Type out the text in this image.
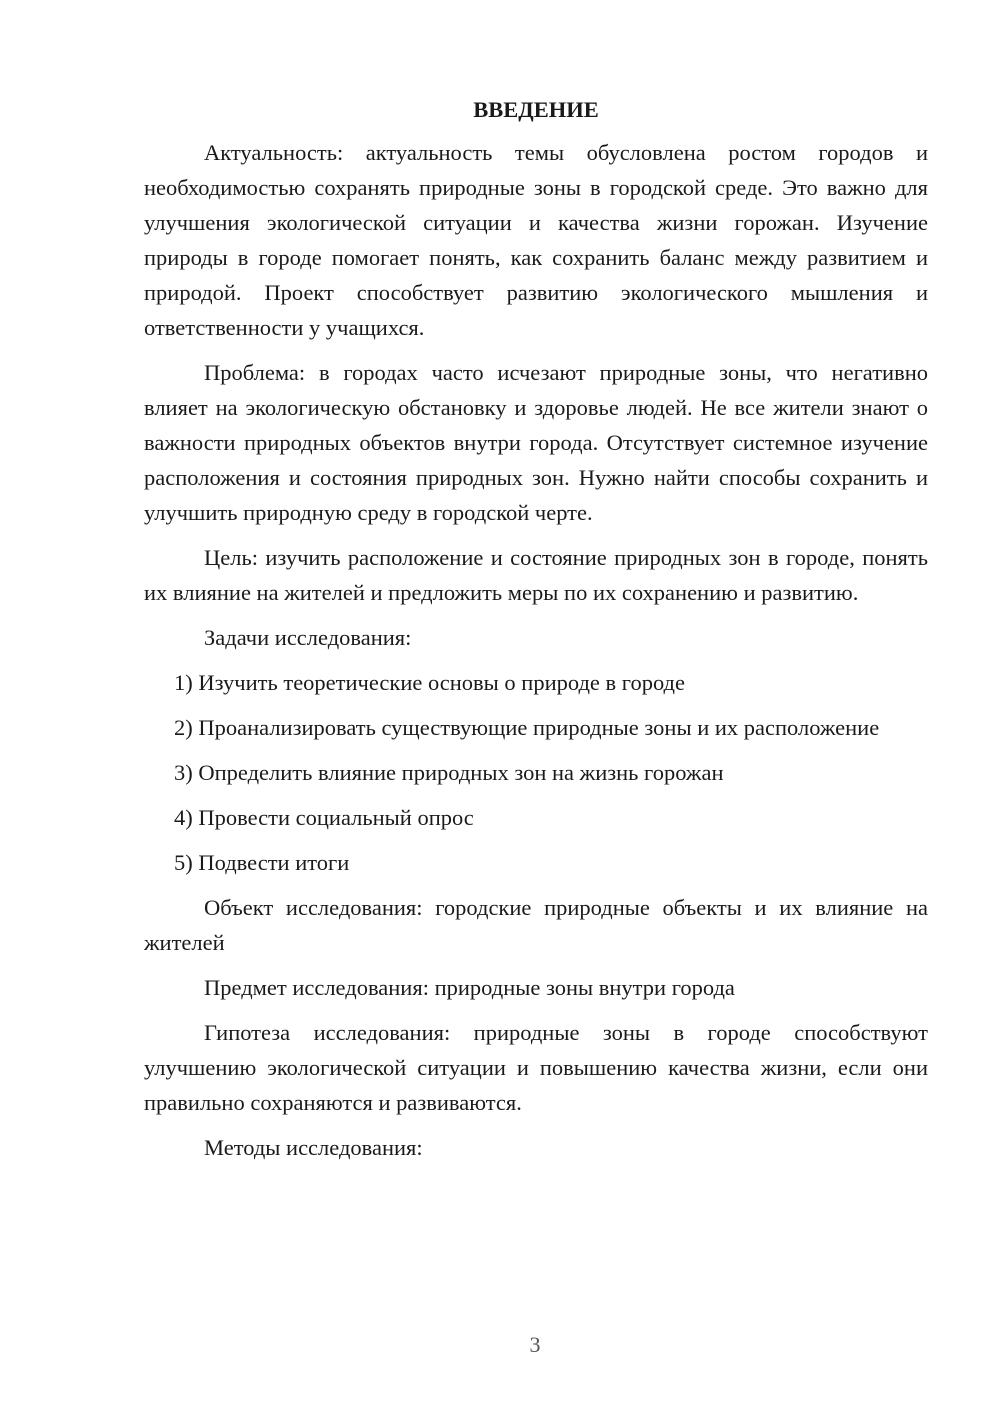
ВВЕДЕНИЕ

Актуальность: актуальность темы обусловлена ростом городов и необходимостью сохранять природные зоны в городской среде. Это важно для улучшения экологической ситуации и качества жизни горожан. Изучение природы в городе помогает понять, как сохранить баланс между развитием и природой. Проект способствует развитию экологического мышления и ответственности у учащихся.

Проблема: в городах часто исчезают природные зоны, что негативно влияет на экологическую обстановку и здоровье людей. Не все жители знают о важности природных объектов внутри города. Отсутствует системное изучение расположения и состояния природных зон. Нужно найти способы сохранить и улучшить природную среду в городской черте.

Цель: изучить расположение и состояние природных зон в городе, понять их влияние на жителей и предложить меры по их сохранению и развитию.

Задачи исследования:

1) Изучить теоретические основы о природе в городе

2) Проанализировать существующие природные зоны и их расположение

3) Определить влияние природных зон на жизнь горожан

4) Провести социальный опрос

5) Подвести итоги

Объект исследования: городские природные объекты и их влияние на жителей

Предмет исследования: природные зоны внутри города

Гипотеза исследования: природные зоны в городе способствуют улучшению экологической ситуации и повышению качества жизни, если они правильно сохраняются и развиваются.

Методы исследования:

3
